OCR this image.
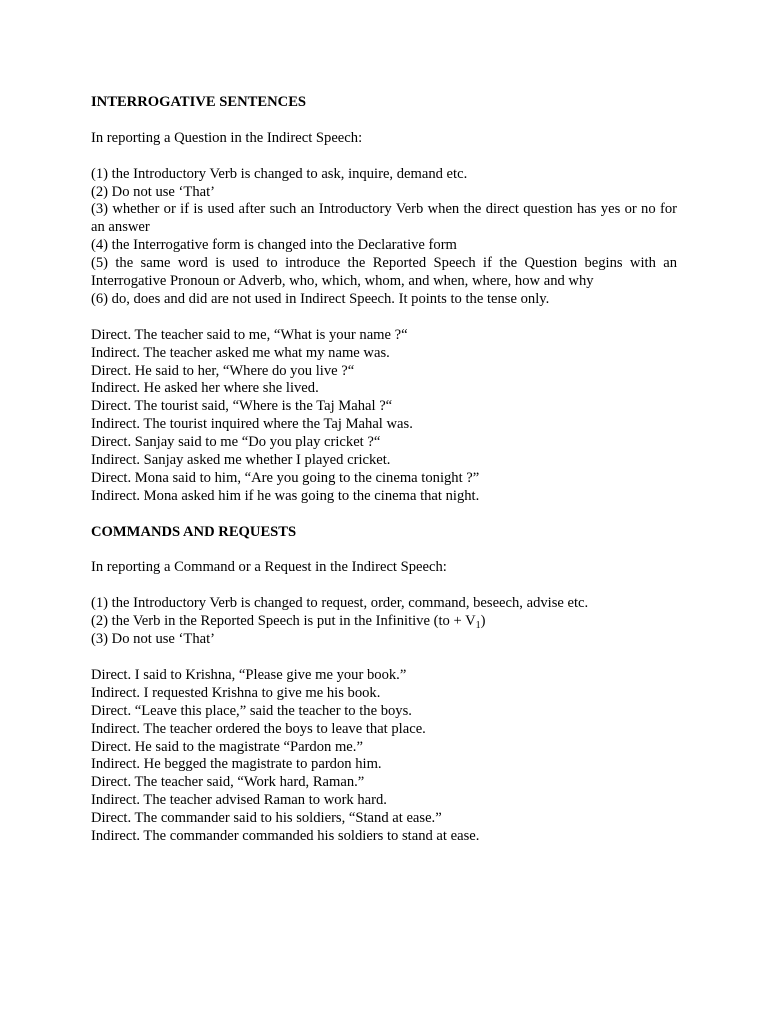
INTERROGATIVE SENTENCES

In reporting a Question in the Indirect Speech:

(1) the Introductory Verb is changed to ask, inquire, demand etc.

(2) Do not use ‘That’

(3) whether or if is used after such an Introductory Verb when the direct question has yes or no for an answer

(4) the Interrogative form is changed into the Declarative form

(5) the same word is used to introduce the Reported Speech if the Question begins with an Interrogative Pronoun or Adverb, who, which, whom, and when, where, how and why

(6) do, does and did are not used in Indirect Speech. It points to the tense only.

Direct. The teacher said to me, “What is your name ?“

Indirect. The teacher asked me what my name was.

Direct. He said to her, “Where do you live ?“

Indirect. He asked her where she lived.

Direct. The tourist said, “Where is the Taj Mahal ?“

Indirect. The tourist inquired where the Taj Mahal was.

Direct. Sanjay said to me “Do you play cricket ?“

Indirect. Sanjay asked me whether I played cricket.

Direct. Mona said to him, “Are you going to the cinema tonight ?”

Indirect. Mona asked him if he was going to the cinema that night.

COMMANDS AND REQUESTS

In reporting a Command or a Request in the Indirect Speech:

(1) the Introductory Verb is changed to request, order, command, beseech, advise etc.

(2) the Verb in the Reported Speech is put in the Infinitive $(to + V_1)$

(3) Do not use ‘That’

Direct. I said to Krishna, “Please give me your book.”

Indirect. I requested Krishna to give me his book.

Direct. “Leave this place,” said the teacher to the boys.

Indirect. The teacher ordered the boys to leave that place.

Direct. He said to the magistrate “Pardon me.”

Indirect. He begged the magistrate to pardon him.

Direct. The teacher said, “Work hard, Raman.”

Indirect. The teacher advised Raman to work hard.

Direct. The commander said to his soldiers, “Stand at ease.”

Indirect. The commander commanded his soldiers to stand at ease.
